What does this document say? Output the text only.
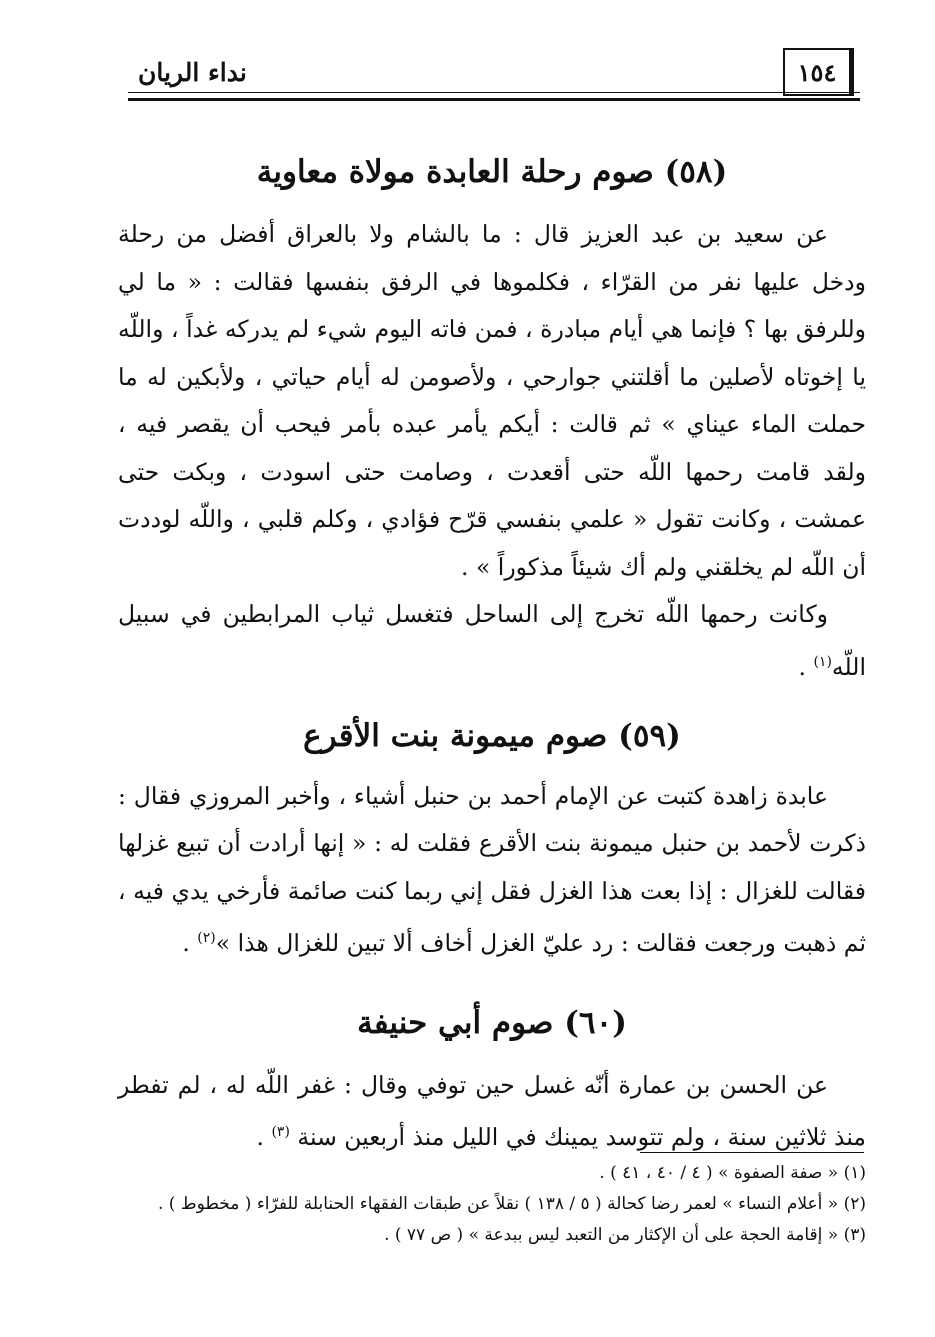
نداء الريان	١٥٤
(٥٨) صوم رحلة العابدة مولاة معاوية

عن سعيد بن عبد العزيز قال : ما بالشام ولا بالعراق أفضل من رحلة ودخل عليها نفر من القرّاء ، فكلموها في الرفق بنفسها فقالت : « ما لي وللرفق بها ؟ فإنما هي أيام مبادرة ، فمن فاته اليوم شيء لم يدركه غداً ، واللّه يا إخوتاه لأصلين ما أقلتني جوارحي ، ولأصومن له أيام حياتي ، ولأبكين له ما حملت الماء عيناي » ثم قالت : أيكم يأمر عبده بأمر فيحب أن يقصر فيه ، ولقد قامت رحمها اللّه حتى أقعدت ، وصامت حتى اسودت ، وبكت حتى عمشت ، وكانت تقول « علمي بنفسي قرّح فؤادي ، وكلم قلبي ، واللّه لوددت أن اللّه لم يخلقني ولم أك شيئاً مذكوراً » .

وكانت رحمها اللّه تخرج إلى الساحل فتغسل ثياب المرابطين في سبيل اللّه$^{(١)}$ .

(٥٩) صوم ميمونة بنت الأقرع

عابدة زاهدة كتبت عن الإمام أحمد بن حنبل أشياء ، وأخبر المروزي فقال : ذكرت لأحمد بن حنبل ميمونة بنت الأقرع فقلت له : « إنها أرادت أن تبيع غزلها فقالت للغزال : إذا بعت هذا الغزل فقل إني ربما كنت صائمة فأرخي يدي فيه ، ثم ذهبت ورجعت فقالت : رد عليّ الغزل أخاف ألا تبين للغزال هذا »$^{(٢)}$ .

(٦٠) صوم أبي حنيفة

عن الحسن بن عمارة أنّه غسل حين توفي وقال : غفر اللّه له ، لم تفطر منذ ثلاثين سنة ، ولم تتوسد يمينك في الليل منذ أربعين سنة $^{(٣)}$ .

(١) « صفة الصفوة » ( ٤ / ٤٠ ، ٤١ ) .

(٢) « أعلام النساء » لعمر رضا كحالة ( ٥ / ١٣٨ ) نقلاً عن طبقات الفقهاء الحنابلة للفرّاء ( مخطوط ) .

(٣) « إقامة الحجة على أن الإكثار من التعبد ليس ببدعة » ( ص ٧٧ ) .
